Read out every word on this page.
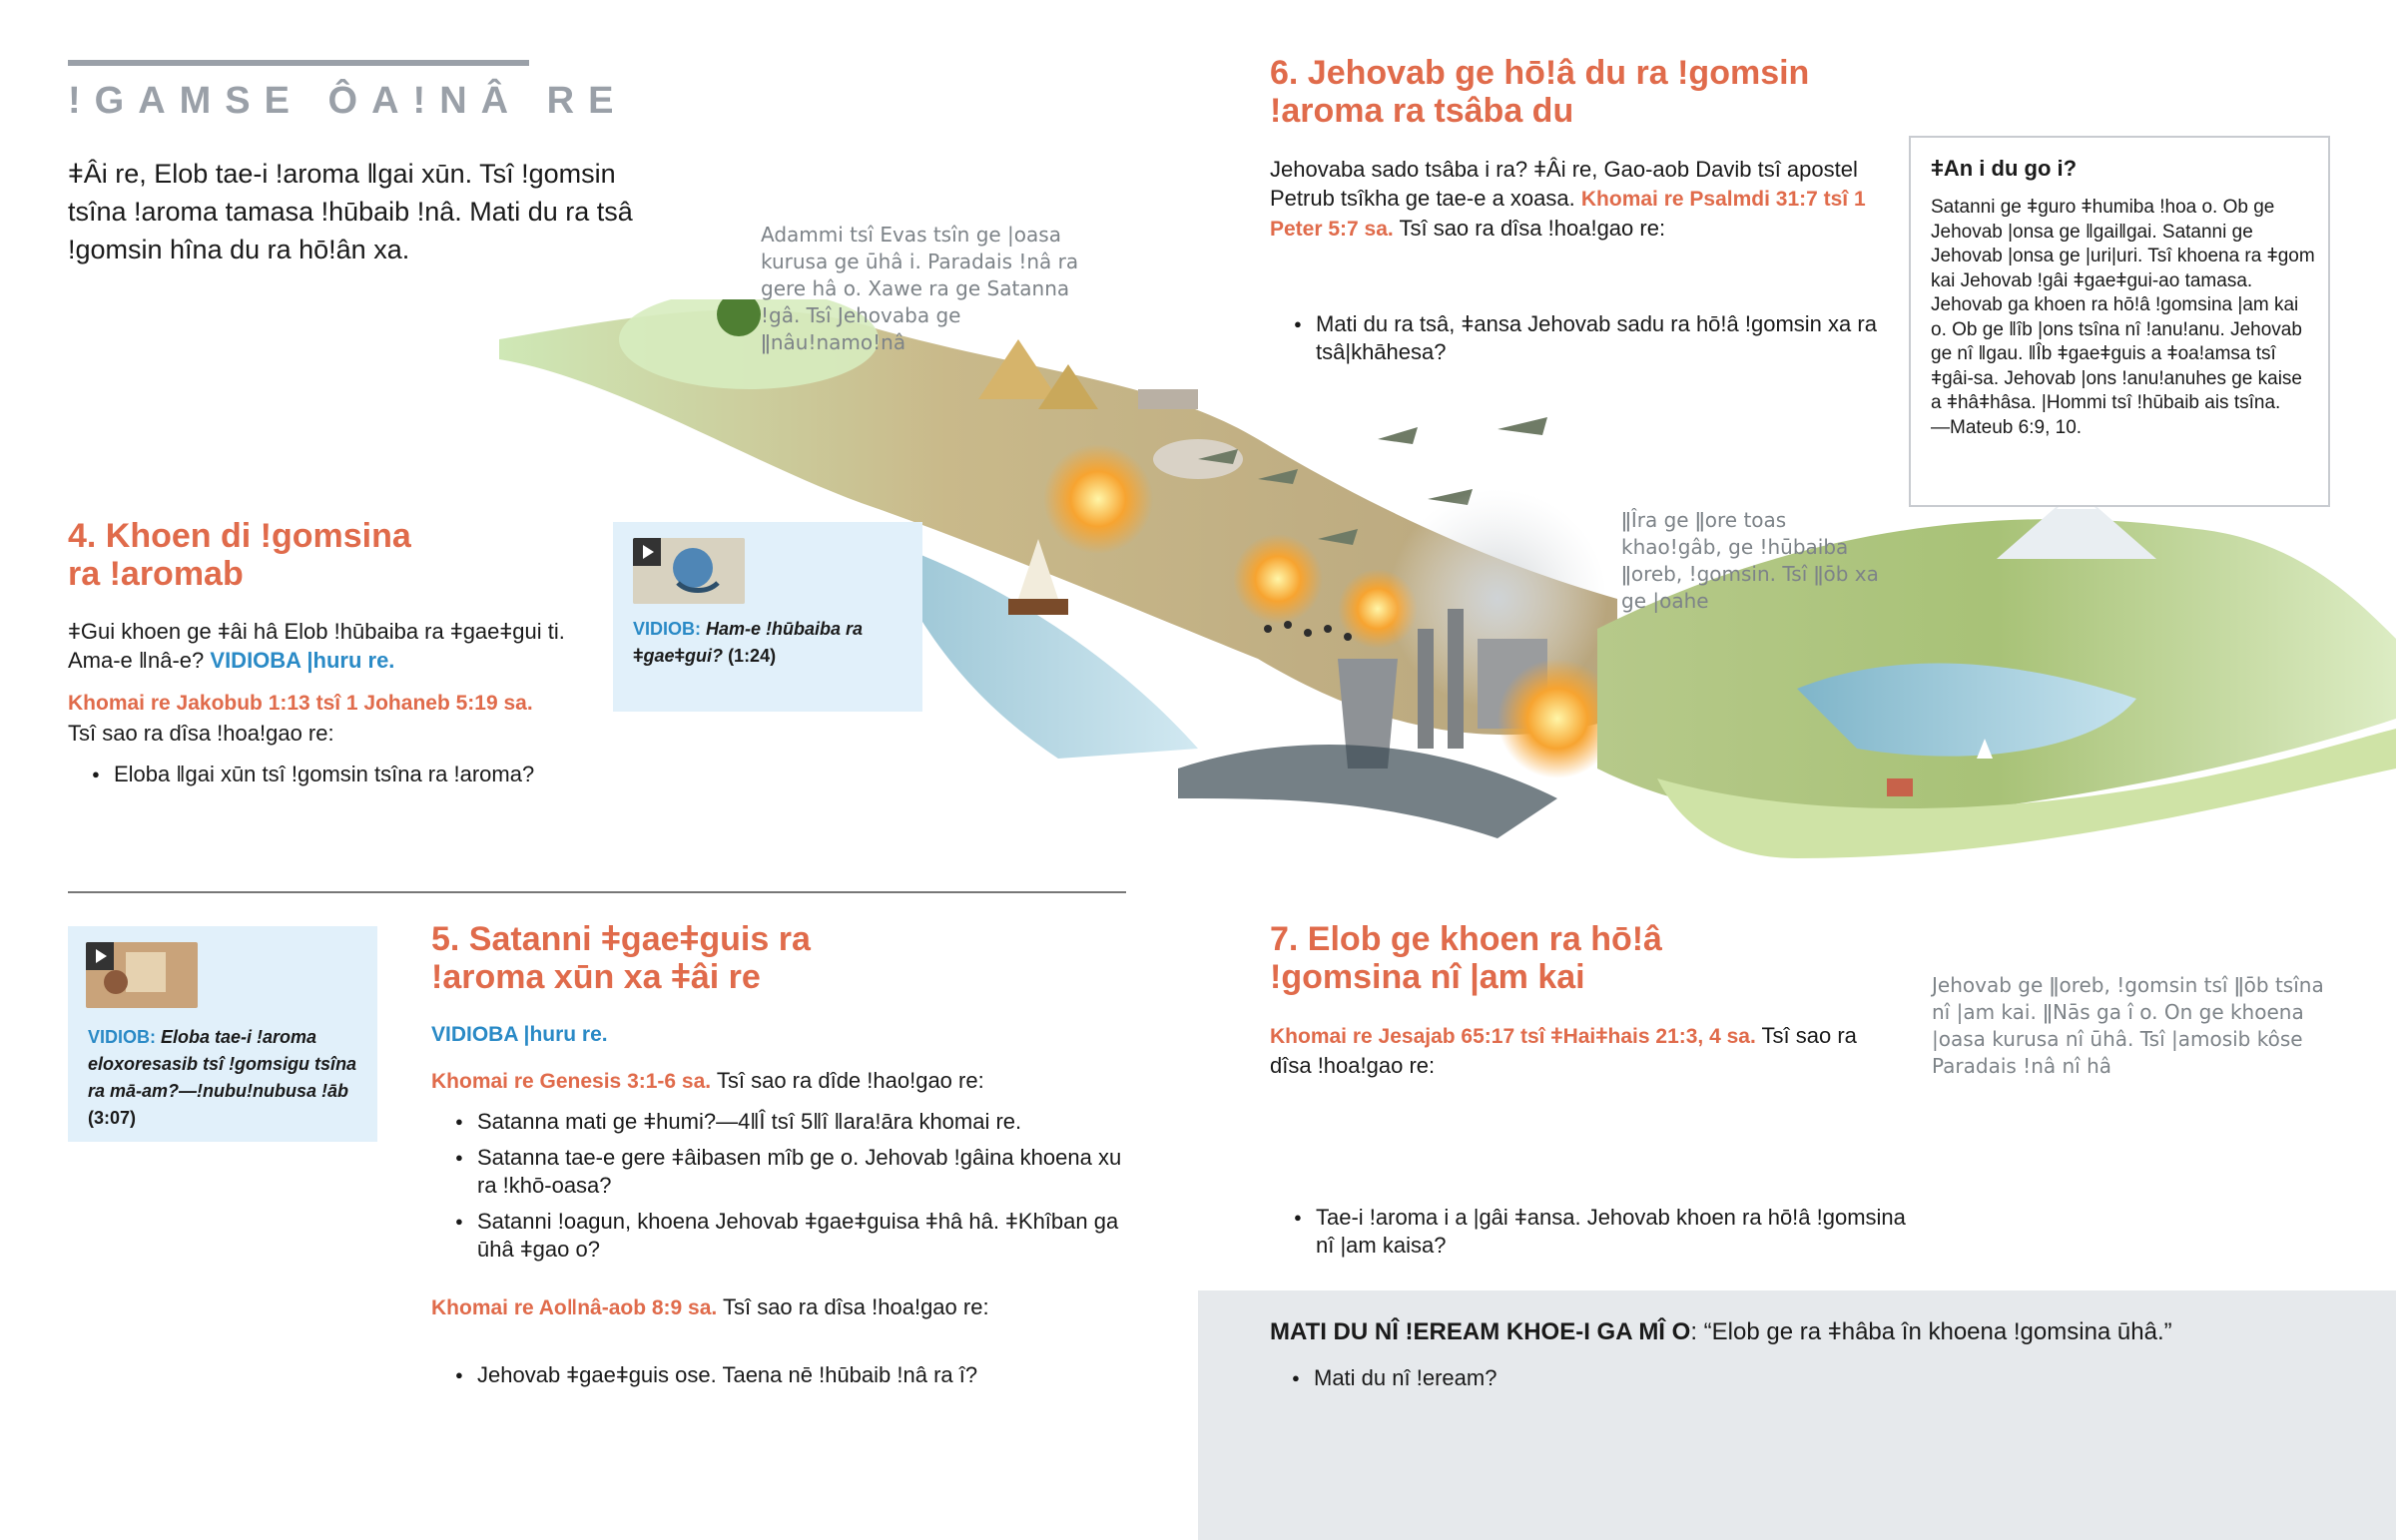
!GAMSE ÔA!NÂ RE
ǂÂi re, Elob tae-i !aroma ǁgai xūn. Tsî !gomsin tsîna !aroma tamasa !hūbaib !nâ. Mati du ra tsâ !gomsin hîna du ra hō!ân xa.	Adammi tsî Evas tsîn ge |oasa kurusa ge ūhâ i. Paradais !nâ ra gere hâ o. Xawe ra ge Satanna !gâ. Tsî Jehovaba ge ǁnâu!namo!nâ
ǁÎra ge ǁore toas khao!gâb, ge !hūbaiba ǁoreb, !gomsin. Tsî ǁōb xa ge |oahe
Jehovab ge ǁoreb, !gomsin tsî ǁōb tsîna nî |am kai. ǁNās ga î o. On ge khoena |oasa kurusa nî ūhâ. Tsî |amosib kôse Paradais !nâ nî hâ
4. Khoen di !gomsina ra !aromab
ǂGui khoen ge ǂâi hâ Elob !hūbaiba ra ǂgaeǂgui ti. Ama-e ǁnâ-e? VIDIOBA |huru re.
Khomai re Jakobub 1:13 tsî 1 Johaneb 5:19 sa.
Tsî sao ra dîsa !hoa!gao re:
● Eloba ǁgai xūn tsî !gomsin tsîna ra !aroma?
VIDIOB: Ham-e !hūbaiba ra ǂgaeǂgui? (1:24)
VIDIOB: Eloba tae-i !aroma eloxoresasib tsî !gomsigu tsîna ra mā-am?—!nubu!nubusa !āb (3:07)
5. Satanni ǂgaeǂguis ra !aroma xūn xa ǂâi re
VIDIOBA |huru re.
Khomai re Genesis 3:1-6 sa. Tsî sao ra dîde !hao!gao re:
● Satanna mati ge ǂhumi?—4ǁÎ tsî 5ǁî ǁara!āra khomai re.
● Satanna tae-e gere ǂâibasen mîb ge o. Jehovab !gâina khoena xu ra !khō-oasa?
● Satanni !oagun, khoena Jehovab ǂgaeǂguisa ǂhâ hâ. ǂKhîban ga ūhâ ǂgao o?
Khomai re Aoǁnâ-aob 8:9 sa. Tsî sao ra dîsa !hoa!gao re:
● Jehovab ǂgaeǂguis ose. Taena nē !hūbaib !nâ ra î?
6. Jehovab ge hō!â du ra !gomsin !aroma ra tsâba du
Jehovaba sado tsâba i ra? ǂÂi re, Gao-aob Davib tsî apostel Petrub tsîkha ge tae-e a xoasa. Khomai re Psalmdi 31:7 tsî 1 Peter 5:7 sa. Tsî sao ra dîsa !hoa!gao re:
● Mati du ra tsâ, ǂansa Jehovab sadu ra hō!â !gomsin xa ra tsâ|khāhesa?
ǂAn i du go i?
Satanni ge ǂguro ǂhumiba !hoa o. Ob ge Jehovab |onsa ge ǁgaiǁgai. Satanni ge Jehovab |onsa ge |uri|uri. Tsî khoena ra ǂgom kai Jehovab !gâi ǂgaeǂgui-ao tamasa. Jehovab ga khoen ra hō!â !gomsina |am kai o. Ob ge ǁîb |ons tsîna nî !anu!anu. Jehovab ge nî ǁgau. ǁÎb ǂgaeǂguis a ǂoa!amsa tsî ǂgâi-sa. Jehovab |ons !anu!anuhes ge kaise a ǂhâǂhâsa. |Hommi tsî !hūbaib ais tsîna.
—Mateub 6:9, 10.
7. Elob ge khoen ra hō!â !gomsina nî |am kai
Khomai re Jesajab 65:17 tsî ǂHaiǂhais 21:3, 4 sa. Tsî sao ra dîsa !hoa!gao re:
● Tae-i !aroma i a |gâi ǂansa. Jehovab khoen ra hō!â !gomsina nî |am kaisa?
MATI DU NÎ !EREAM KHOE-I GA MÎ O: “Elob ge ra ǂhâba în khoena !gomsina ūhâ.”
● Mati du nî !eream?
